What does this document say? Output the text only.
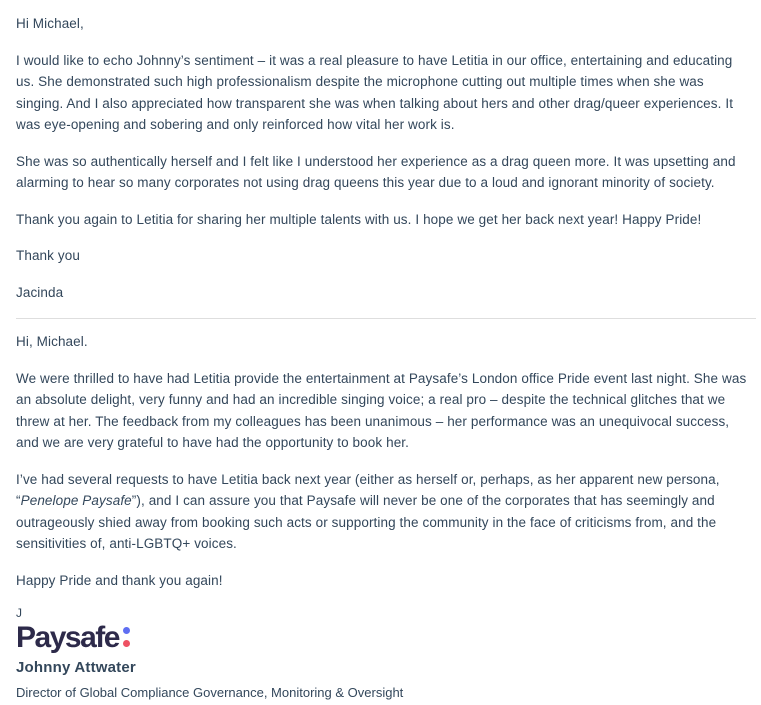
Hi Michael,

I would like to echo Johnny’s sentiment – it was a real pleasure to have Letitia in our office, entertaining and educating us. She demonstrated such high professionalism despite the microphone cutting out multiple times when she was singing. And I also appreciated how transparent she was when talking about hers and other drag/queer experiences. It was eye-opening and sobering and only reinforced how vital her work is.

She was so authentically herself and I felt like I understood her experience as a drag queen more. It was upsetting and alarming to hear so many corporates not using drag queens this year due to a loud and ignorant minority of society.

Thank you again to Letitia for sharing her multiple talents with us. I hope we get her back next year! Happy Pride!

Thank you

Jacinda

Hi, Michael.

We were thrilled to have had Letitia provide the entertainment at Paysafe’s London office Pride event last night. She was an absolute delight, very funny and had an incredible singing voice; a real pro – despite the technical glitches that we threw at her. The feedback from my colleagues has been unanimous – her performance was an unequivocal success, and we are very grateful to have had the opportunity to book her.

I’ve had several requests to have Letitia back next year (either as herself or, perhaps, as her apparent new persona, “Penelope Paysafe”), and I can assure you that Paysafe will never be one of the corporates that has seemingly and outrageously shied away from booking such acts or supporting the community in the face of criticisms from, and the sensitivities of, anti-LGBTQ+ voices.

Happy Pride and thank you again!

J

Paysafe

Johnny Attwater

Director of Global Compliance Governance, Monitoring & Oversight
